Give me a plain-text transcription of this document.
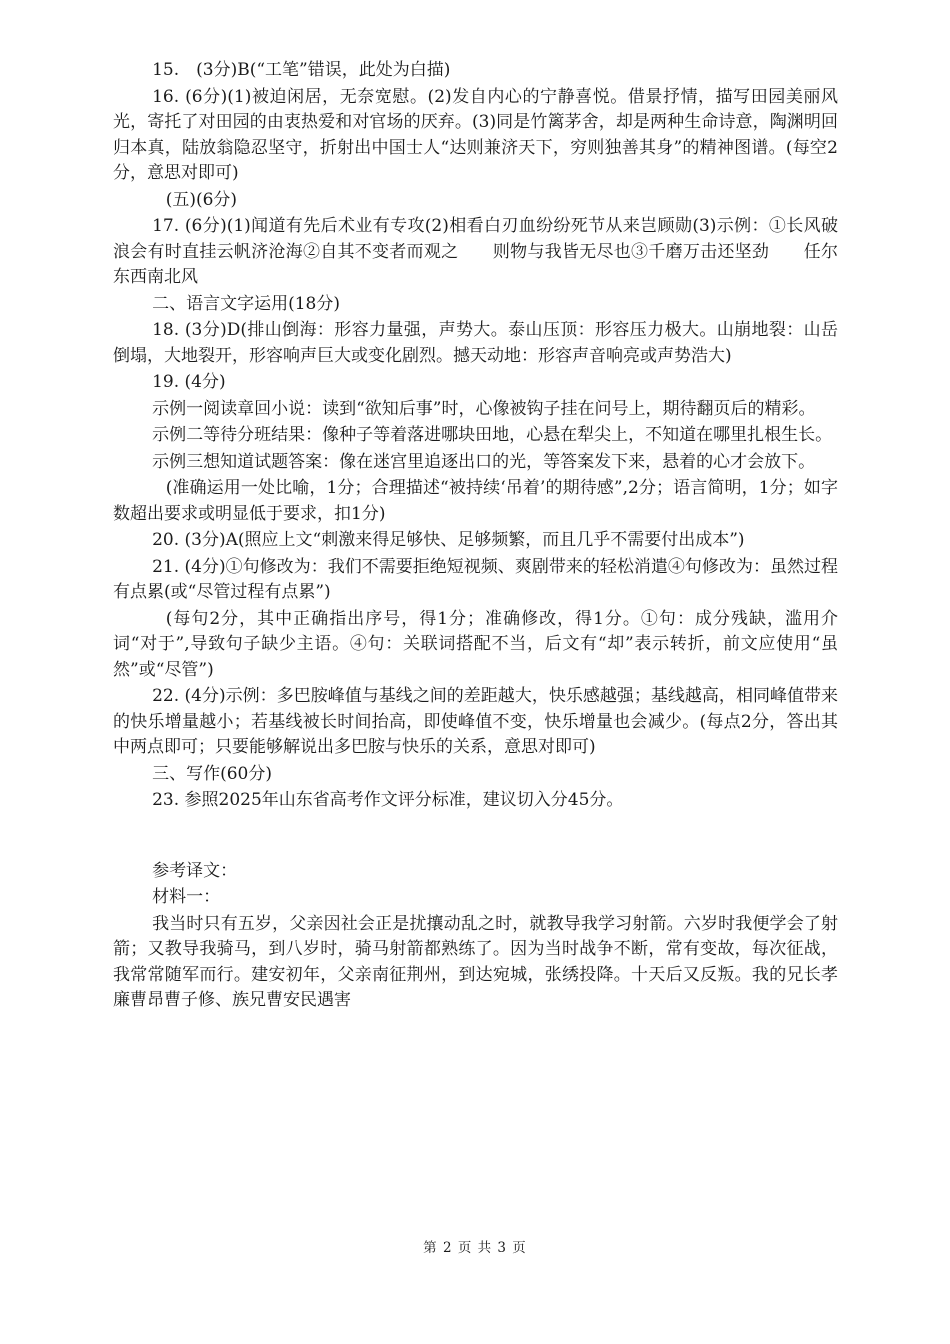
15.　(3分)B(“工笔”错误，此处为白描)

16. (6分)(1)被迫闲居，无奈宽慰。(2)发自内心的宁静喜悦。借景抒情，描写田园美丽风光，寄托了对田园的由衷热爱和对官场的厌弃。(3)同是竹篱茅舍，却是两种生命诗意，陶渊明回归本真，陆放翁隐忍坚守，折射出中国士人“达则兼济天下，穷则独善其身”的精神图谱。(每空2分，意思对即可)

(五)(6分)

17. (6分)(1)闻道有先后术业有专攻(2)相看白刃血纷纷死节从来岂顾勋(3)示例：①长风破浪会有时直挂云帆济沧海②自其不变者而观之　　则物与我皆无尽也③千磨万击还坚劲　　任尔东西南北风

二、语言文字运用(18分)

18. (3分)D(排山倒海：形容力量强，声势大。泰山压顶：形容压力极大。山崩地裂：山岳倒塌，大地裂开，形容响声巨大或变化剧烈。撼天动地：形容声音响亮或声势浩大)

19. (4分)

示例一阅读章回小说：读到“欲知后事”时，心像被钩子挂在问号上，期待翻页后的精彩。

示例二等待分班结果：像种子等着落进哪块田地，心悬在犁尖上，不知道在哪里扎根生长。

示例三想知道试题答案：像在迷宫里追逐出口的光，等答案发下来，悬着的心才会放下。

(准确运用一处比喻，1分；合理描述“被持续‘吊着’的期待感”,2分；语言简明，1分；如字数超出要求或明显低于要求，扣1分)

20. (3分)A(照应上文“刺激来得足够快、足够频繁，而且几乎不需要付出成本”)

21. (4分)①句修改为：我们不需要拒绝短视频、爽剧带来的轻松消遣④句修改为：虽然过程有点累(或“尽管过程有点累”)

(每句2分，其中正确指出序号，得1分；准确修改，得1分。①句：成分残缺，滥用介词“对于”,导致句子缺少主语。④句：关联词搭配不当，后文有“却”表示转折，前文应使用“虽然”或“尽管”)

22. (4分)示例：多巴胺峰值与基线之间的差距越大，快乐感越强；基线越高，相同峰值带来的快乐增量越小；若基线被长时间抬高，即使峰值不变，快乐增量也会减少。(每点2分，答出其中两点即可；只要能够解说出多巴胺与快乐的关系，意思对即可)

三、写作(60分)

23. 参照2025年山东省高考作文评分标准，建议切入分45分。

参考译文：

材料一：

我当时只有五岁，父亲因社会正是扰攘动乱之时，就教导我学习射箭。六岁时我便学会了射箭；又教导我骑马，到八岁时，骑马射箭都熟练了。因为当时战争不断，常有变故，每次征战，我常常随军而行。建安初年，父亲南征荆州，到达宛城，张绣投降。十天后又反叛。我的兄长孝廉曹昂曹子修、族兄曹安民遇害

第 2 页 共 3 页
